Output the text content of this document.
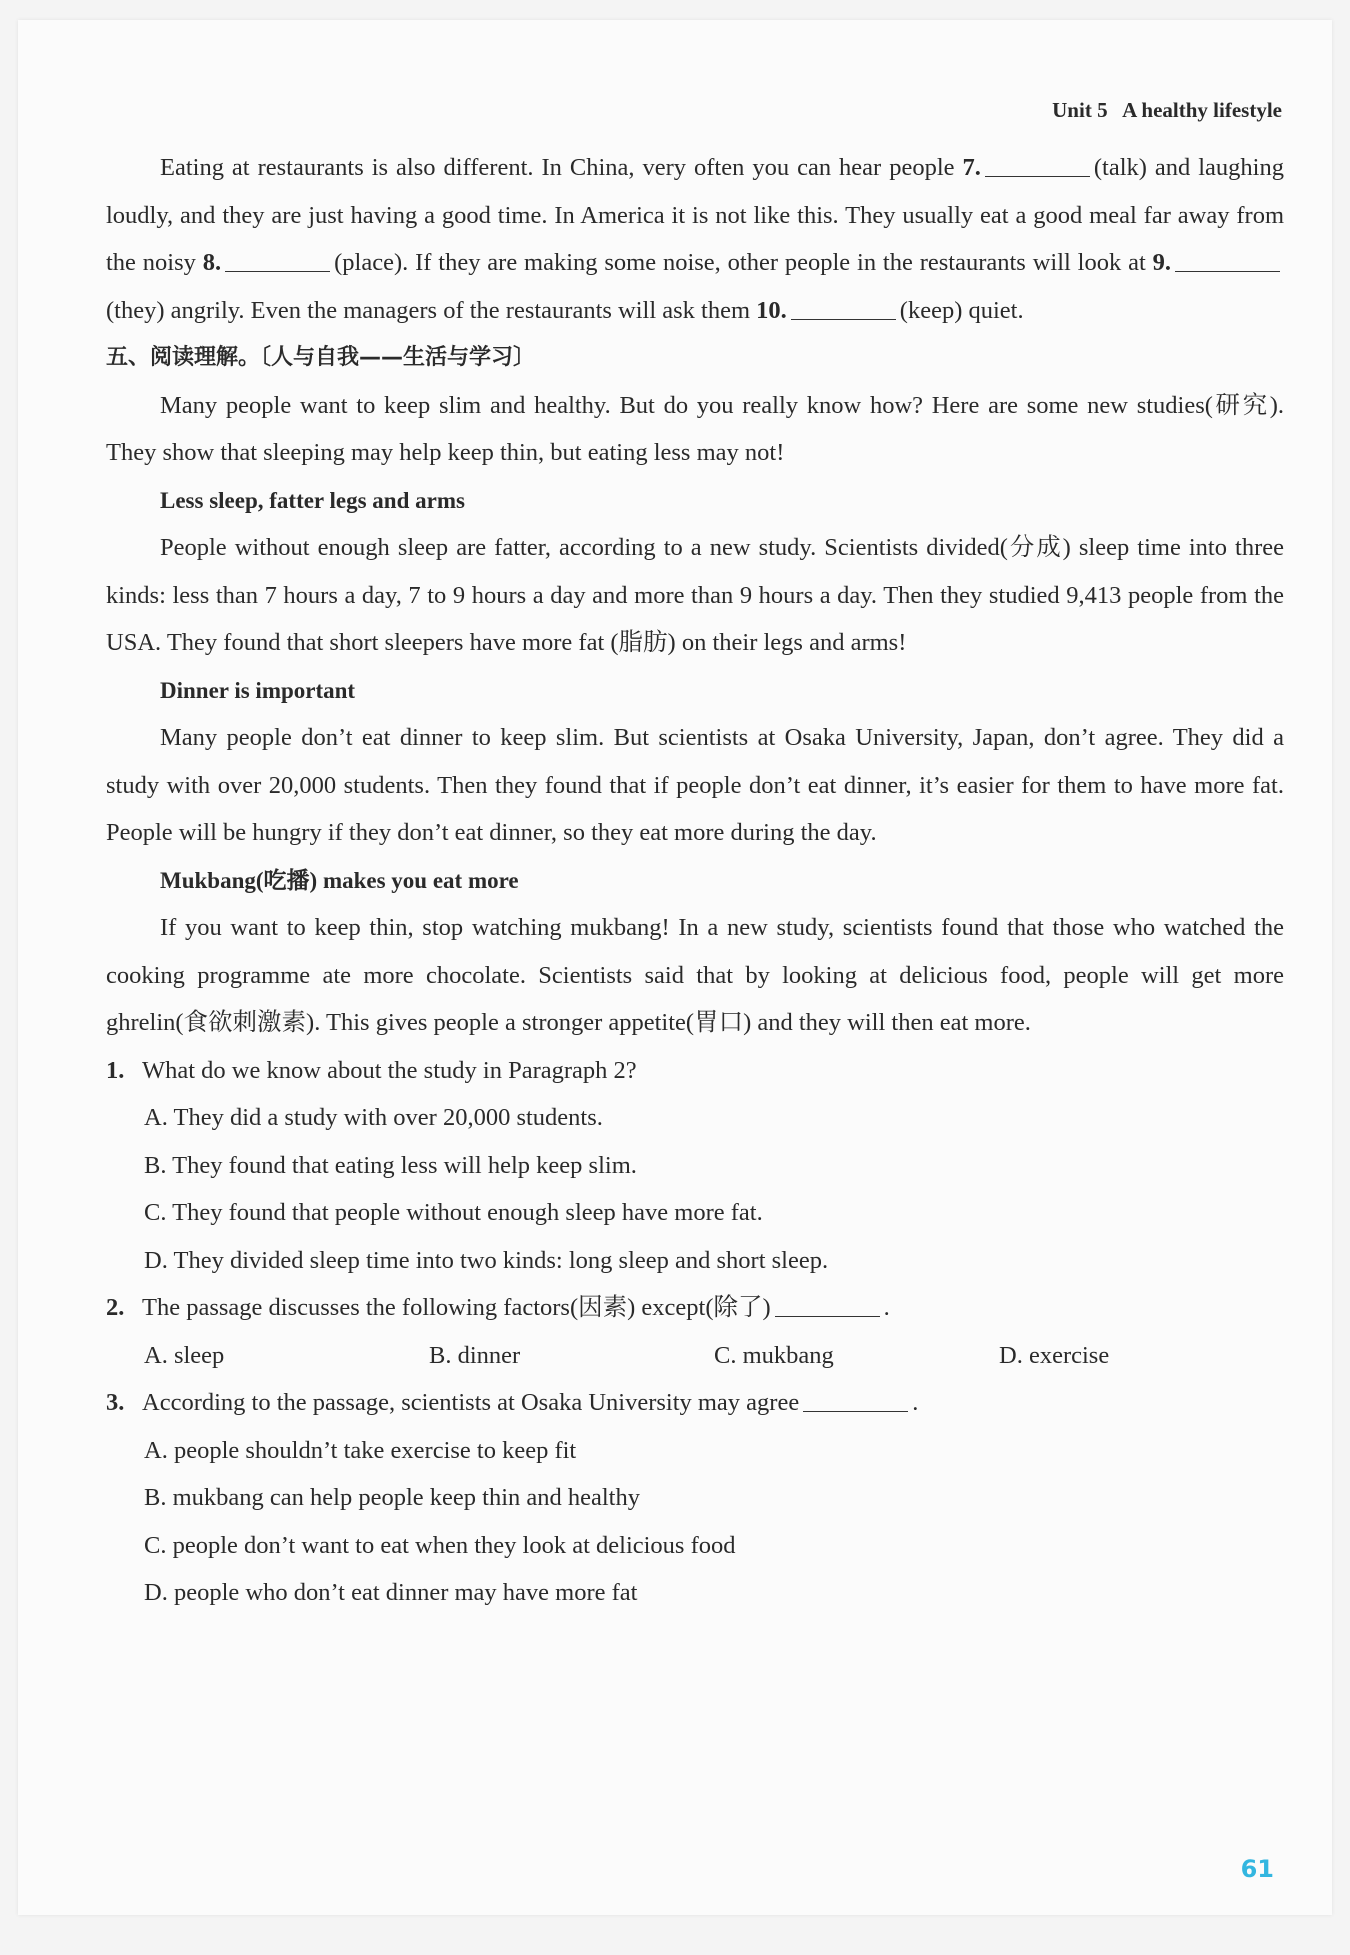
Unit 5 A healthy lifestyle

Eating at restaurants is also different. In China, very often you can hear people 7.	(talk) and laughing loudly, and they are just having a good time. In America it is not like this. They usually eat a good meal far away from the noisy 8.	(place). If they are making some noise, other people in the restaurants will look at 9.(they) angrily. Even the managers of the restaurants will ask them 10.	(keep) quiet.

五、阅读理解。〔人与自我——生活与学习〕

Many people want to keep slim and healthy. But do you really know how? Here are some new studies(研究). They show that sleeping may help keep thin, but eating less may not!

Less sleep, fatter legs and arms

People without enough sleep are fatter, according to a new study. Scientists divided(分成) sleep time into three kinds: less than 7 hours a day, 7 to 9 hours a day and more than 9 hours a day. Then they studied 9,413 people from the USA. They found that short sleepers have more fat (脂肪) on their legs and arms!

Dinner is important

Many people don’t eat dinner to keep slim. But scientists at Osaka University, Japan, don’t agree. They did a study with over 20,000 students. Then they found that if people don’t eat dinner, it’s easier for them to have more fat. People will be hungry if they don’t eat dinner, so they eat more during the day.

Mukbang(吃播) makes you eat more

If you want to keep thin, stop watching mukbang! In a new study, scientists found that those who watched the cooking programme ate more chocolate. Scientists said that by looking at delicious food, people will get more ghrelin(食欲刺激素). This gives people a stronger appetite(胃口) and they will then eat more.

1. What do we know about the study in Paragraph 2?

A. They did a study with over 20,000 students.

B. They found that eating less will help keep slim.

C. They found that people without enough sleep have more fat.

D. They divided sleep time into two kinds: long sleep and short sleep.

2. The passage discusses the following factors(因素) except(除了)	.

A. sleep	B. dinner	C. mukbang	D. exercise

3. According to the passage, scientists at Osaka University may agree	.

A. people shouldn’t take exercise to keep fit

B. mukbang can help people keep thin and healthy

C. people don’t want to eat when they look at delicious food

D. people who don’t eat dinner may have more fat

61
